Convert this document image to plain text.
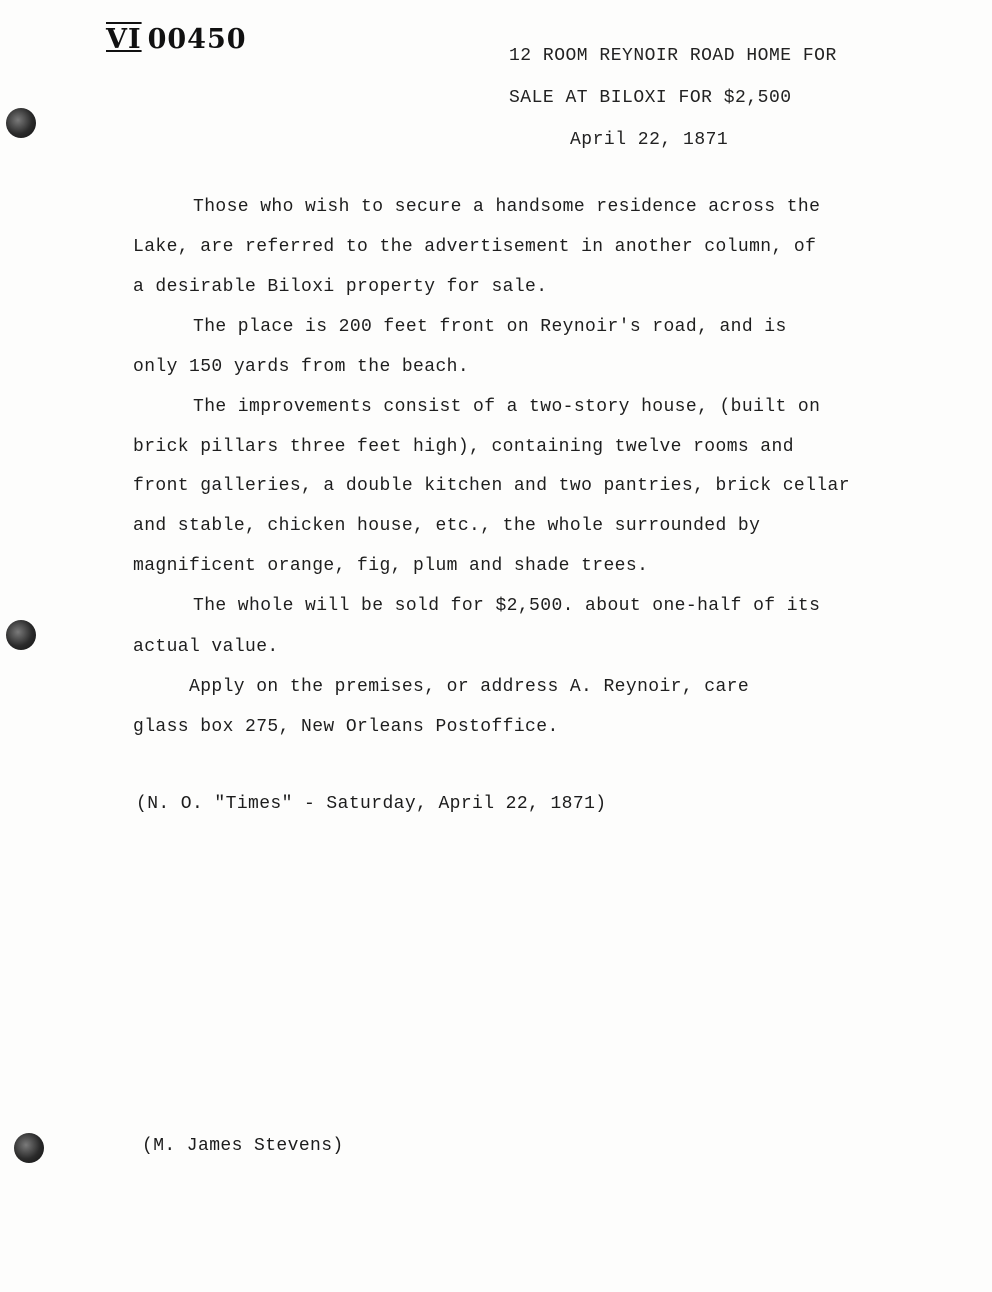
VI 00450
12 ROOM REYNOIR ROAD HOME FOR
SALE AT BILOXI FOR $2,500
April 22, 1871
Those who wish to secure a handsome residence across the
Lake, are referred to the advertisement in another column, of
a desirable Biloxi property for sale.
The place is 200 feet front on Reynoir's road, and is
only 150 yards from the beach.
The improvements consist of a two-story house, (built on
brick pillars three feet high), containing twelve rooms and
front galleries, a double kitchen and two pantries, brick cellar
and stable, chicken house, etc., the whole surrounded by
magnificent orange, fig, plum and shade trees.
The whole will be sold for $2,500. about one-half of its
actual value.
Apply on the premises, or address A. Reynoir, care
glass box 275, New Orleans Postoffice.
(N. O. "Times" - Saturday, April 22, 1871)
(M. James Stevens)
